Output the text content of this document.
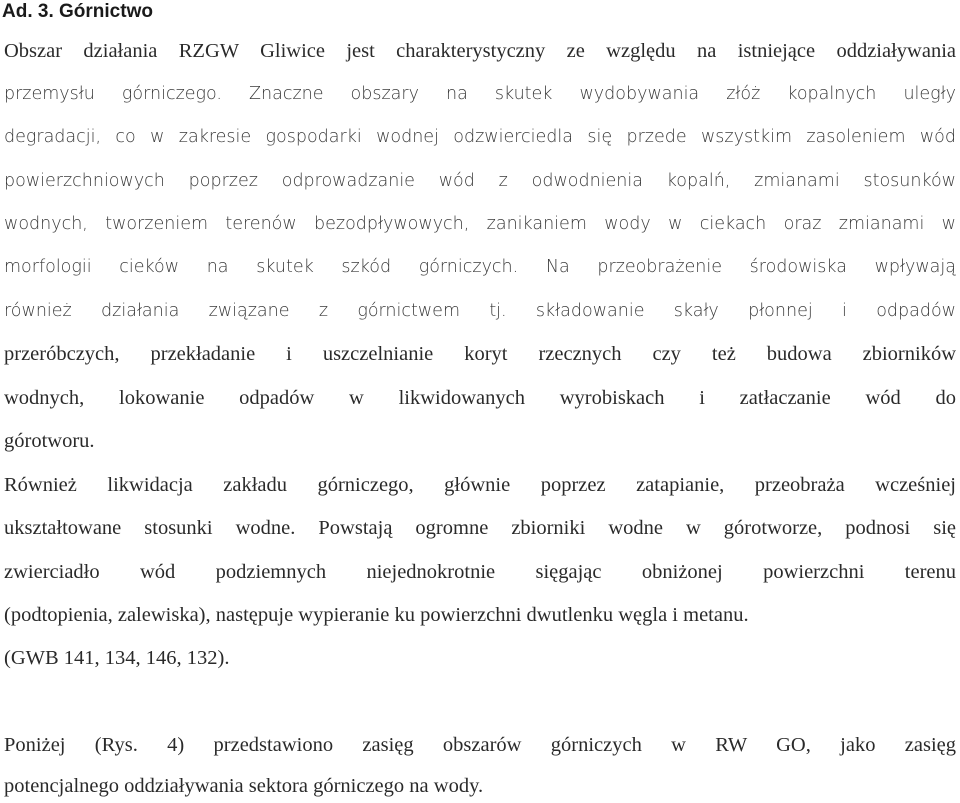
Ad. 3. Górnictwo
Obszar działania RZGW Gliwice jest charakterystyczny ze względu na istniejące oddziaływania
przemysłu górniczego. Znaczne obszary na skutek wydobywania złóż kopalnych uległy
degradacji, co w zakresie gospodarki wodnej odzwierciedla się przede wszystkim zasoleniem wód
powierzchniowych poprzez odprowadzanie wód z odwodnienia kopalń, zmianami stosunków
wodnych, tworzeniem terenów bezodpływowych, zanikaniem wody w ciekach oraz zmianami w
morfologii cieków na skutek szkód górniczych. Na przeobrażenie środowiska wpływają
również działania związane z górnictwem tj. składowanie skały płonnej i odpadów
przeróbczych, przekładanie i uszczelnianie koryt rzecznych czy też budowa zbiorników
wodnych, lokowanie odpadów w likwidowanych wyrobiskach i zatłaczanie wód do
górotworu.
Również likwidacja zakładu górniczego, głównie poprzez zatapianie, przeobraża wcześniej
ukształtowane stosunki wodne. Powstają ogromne zbiorniki wodne w górotworze, podnosi się
zwierciadło wód podziemnych niejednokrotnie sięgając obniżonej powierzchni terenu
(podtopienia, zalewiska), następuje wypieranie ku powierzchni dwutlenku węgla i metanu.
(GWB 141, 134, 146, 132).
Poniżej (Rys. 4) przedstawiono zasięg obszarów górniczych w RW GO, jako zasięg
potencjalnego oddziaływania sektora górniczego na wody.
